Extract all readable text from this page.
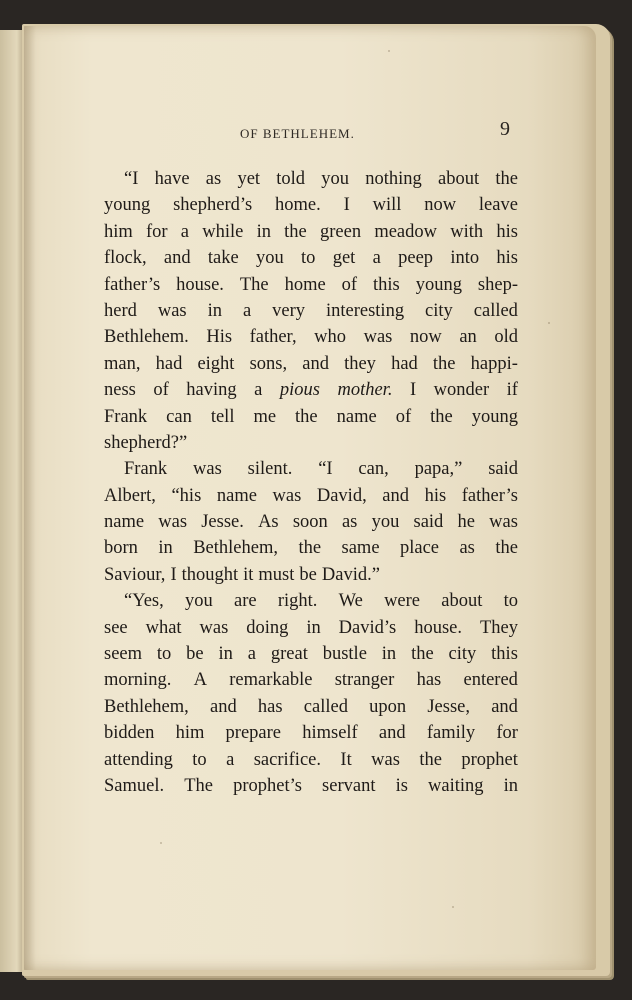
OF BETHLEHEM.	9
“I have as yet told you nothing about the
young shepherd’s home. I will now leave
him for a while in the green meadow with his
flock, and take you to get a peep into his
father’s house. The home of this young shep-
herd was in a very interesting city called
Bethlehem. His father, who was now an old
man, had eight sons, and they had the happi-
ness of having a pious mother. I wonder if
Frank can tell me the name of the young
shepherd?”
Frank was silent. “I can, papa,” said
Albert, “his name was David, and his father’s
name was Jesse. As soon as you said he was
born in Bethlehem, the same place as the
Saviour, I thought it must be David.”
“Yes, you are right. We were about to
see what was doing in David’s house. They
seem to be in a great bustle in the city this
morning. A remarkable stranger has entered
Bethlehem, and has called upon Jesse, and
bidden him prepare himself and family for
attending to a sacrifice. It was the prophet
Samuel. The prophet’s servant is waiting in
